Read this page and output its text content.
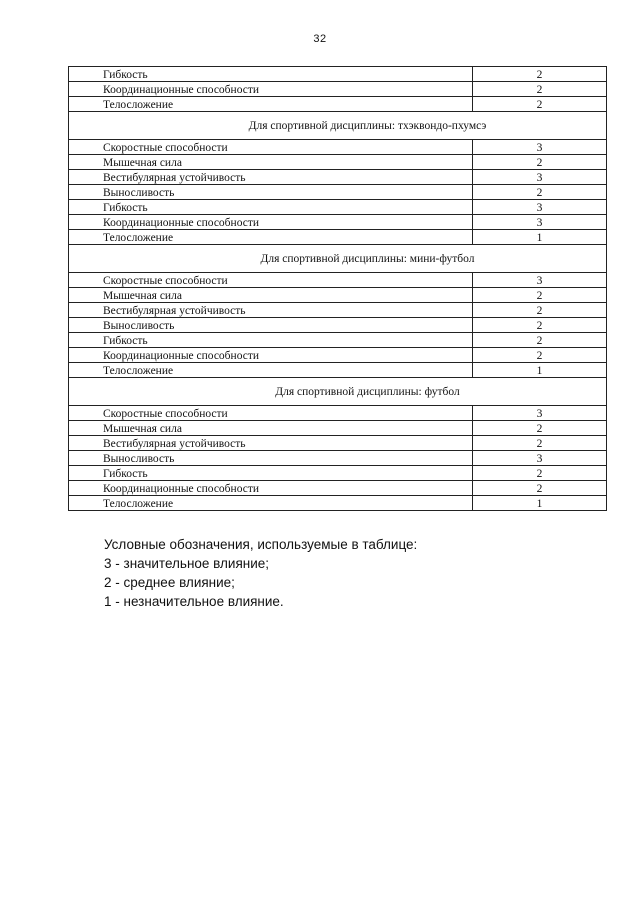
32
Гибкость	2
Координационные способности	2
Телосложение	2
Для спортивной дисциплины: тхэквондо-пхумсэ	
Скоростные способности	3
Мышечная сила	2
Вестибулярная устойчивость	3
Выносливость	2
Гибкость	3
Координационные способности	3
Телосложение	1
Для спортивной дисциплины: мини-футбол	
Скоростные способности	3
Мышечная сила	2
Вестибулярная устойчивость	2
Выносливость	2
Гибкость	2
Координационные способности	2
Телосложение	1
Для спортивной дисциплины: футбол	
Скоростные способности	3
Мышечная сила	2
Вестибулярная устойчивость	2
Выносливость	3
Гибкость	2
Координационные способности	2
Телосложение	1
Условные обозначения, используемые в таблице:
3 - значительное влияние;
2 - среднее влияние;
1 - незначительное влияние.
